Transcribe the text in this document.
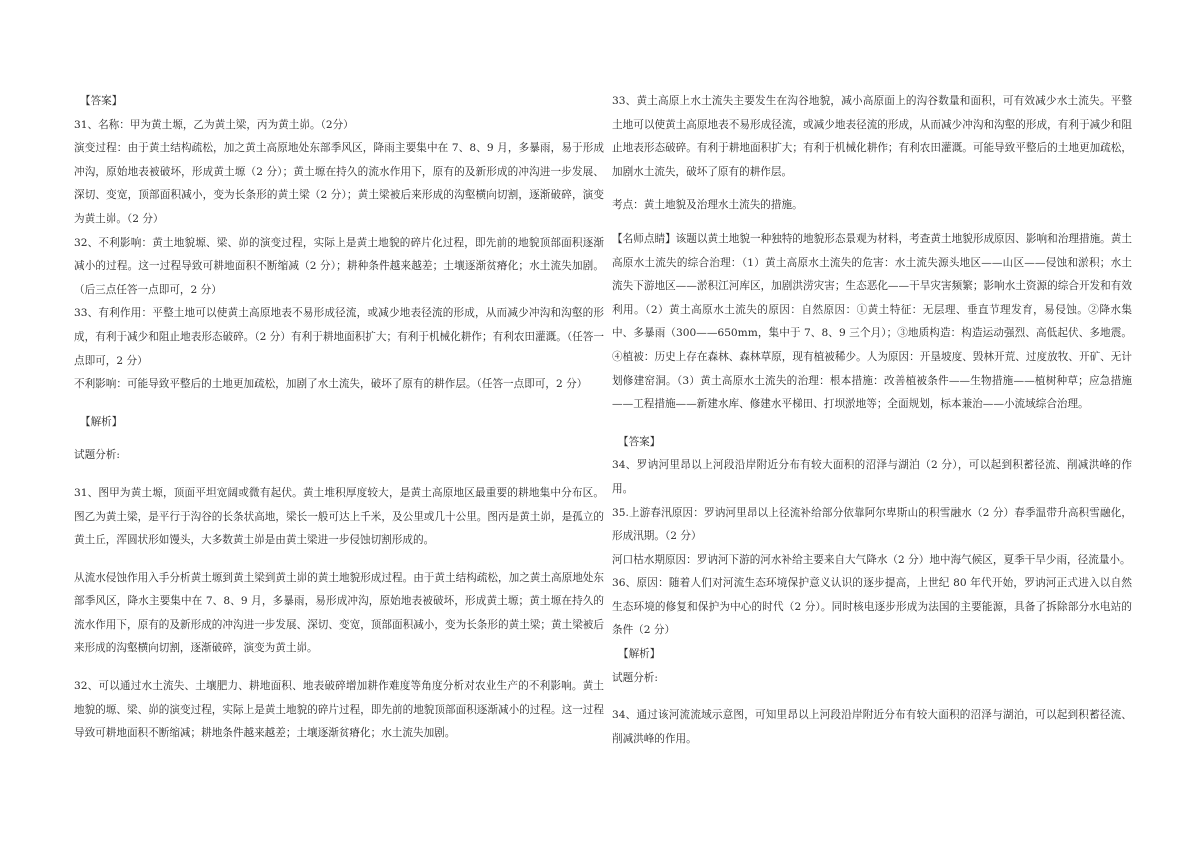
【答案】

31、名称：甲为黄土塬，乙为黄土梁，丙为黄土峁。（2分）

演变过程：由于黄土结构疏松，加之黄土高原地处东部季风区，降雨主要集中在 7、8、9 月，多暴雨，易于形成冲沟，原始地表被破坏，形成黄土塬（2 分）；黄土塬在持久的流水作用下，原有的及新形成的冲沟进一步发展、深切、变宽，顶部面积减小，变为长条形的黄土梁（2 分）；黄土梁被后来形成的沟壑横向切割，逐渐破碎，演变为黄土峁。（2 分）

32、不利影响：黄土地貌塬、梁、峁的演变过程，实际上是黄土地貌的碎片化过程，即先前的地貌顶部面积逐渐减小的过程。这一过程导致可耕地面积不断缩减（2 分）；耕种条件越来越差；土壤逐渐贫瘠化；水土流失加剧。（后三点任答一点即可，2 分）

33、有利作用：平整土地可以使黄土高原地表不易形成径流，或减少地表径流的形成，从而减少冲沟和沟壑的形成，有利于减少和阻止地表形态破碎。（2 分）有利于耕地面积扩大；有利于机械化耕作；有利农田灌溉。（任答一点即可，2 分）

不利影响：可能导致平整后的土地更加疏松，加剧了水土流失，破坏了原有的耕作层。（任答一点即可，2 分）

【解析】

试题分析:

31、图甲为黄土塬，顶面平坦宽阔或微有起伏。黄土堆积厚度较大，是黄土高原地区最重要的耕地集中分布区。图乙为黄土梁，是平行于沟谷的长条状高地，梁长一般可达上千米，及公里或几十公里。图丙是黄土峁，是孤立的黄土丘，浑圆状形如馒头，大多数黄土峁是由黄土梁进一步侵蚀切割形成的。

从流水侵蚀作用入手分析黄土塬到黄土梁到黄土峁的黄土地貌形成过程。由于黄土结构疏松，加之黄土高原地处东部季风区，降水主要集中在 7、8、9 月，多暴雨，易形成冲沟，原始地表被破坏，形成黄土塬；黄土塬在持久的流水作用下，原有的及新形成的冲沟进一步发展、深切、变宽，顶部面积减小，变为长条形的黄土梁；黄土梁被后来形成的沟壑横向切割，逐渐破碎，演变为黄土峁。

32、可以通过水土流失、土壤肥力、耕地面积、地表破碎增加耕作难度等角度分析对农业生产的不利影响。黄土地貌的塬、梁、峁的演变过程，实际上是黄土地貌的碎片过程，即先前的地貌顶部面积逐渐减小的过程。这一过程导致可耕地面积不断缩减；耕地条件越来越差；土壤逐渐贫瘠化；水土流失加剧。

33、黄土高原上水土流失主要发生在沟谷地貌，减小高原面上的沟谷数量和面积，可有效减少水土流失。平整土地可以使黄土高原地表不易形成径流，或减少地表径流的形成，从而减少冲沟和沟壑的形成，有利于减少和阻止地表形态破碎。有利于耕地面积扩大；有利于机械化耕作；有利农田灌溉。可能导致平整后的土地更加疏松，加剧水土流失，破坏了原有的耕作层。

考点：黄土地貌及治理水土流失的措施。

【名师点睛】该题以黄土地貌一种独特的地貌形态景观为材料，考查黄土地貌形成原因、影响和治理措施。黄土高原水土流失的综合治理：（1）黄土高原水土流失的危害：水土流失源头地区——山区——侵蚀和淤积；水土流失下游地区——淤积江河库区，加剧洪涝灾害；生态恶化——干旱灾害频繁；影响水土资源的综合开发和有效利用。（2）黄土高原水土流失的原因：自然原因：①黄土特征：无层理、垂直节理发育，易侵蚀。②降水集中、多暴雨（300——650mm，集中于 7、8、9 三个月）；③地质构造：构造运动强烈、高低起伏、多地震。④植被：历史上存在森林、森林草原，现有植被稀少。人为原因：开垦坡度、毁林开荒、过度放牧、开矿、无计划修建窑洞。（3）黄土高原水土流失的治理：根本措施：改善植被条件——生物措施——植树种草；应急措施——工程措施——新建水库、修建水平梯田、打坝淤地等；全面规划，标本兼治——小流域综合治理。

【答案】

34、罗讷河里昂以上河段沿岸附近分布有较大面积的沼泽与湖泊（2 分），可以起到积蓄径流、削减洪峰的作用。

35.上游春汛原因：罗讷河里昂以上径流补给部分依靠阿尔卑斯山的积雪融水（2 分）春季温带升高积雪融化，形成汛期。（2 分）

河口枯水期原因：罗讷河下游的河水补给主要来自大气降水（2 分）地中海气候区，夏季干旱少雨，径流量小。

36、原因：随着人们对河流生态环境保护意义认识的逐步提高，上世纪 80 年代开始，罗讷河正式进入以自然生态环境的修复和保护为中心的时代（2 分）。同时核电逐步形成为法国的主要能源，具备了拆除部分水电站的条件（2 分）

【解析】

试题分析:

34、通过该河流流域示意图，可知里昂以上河段沿岸附近分布有较大面积的沼泽与湖泊，可以起到积蓄径流、削减洪峰的作用。
